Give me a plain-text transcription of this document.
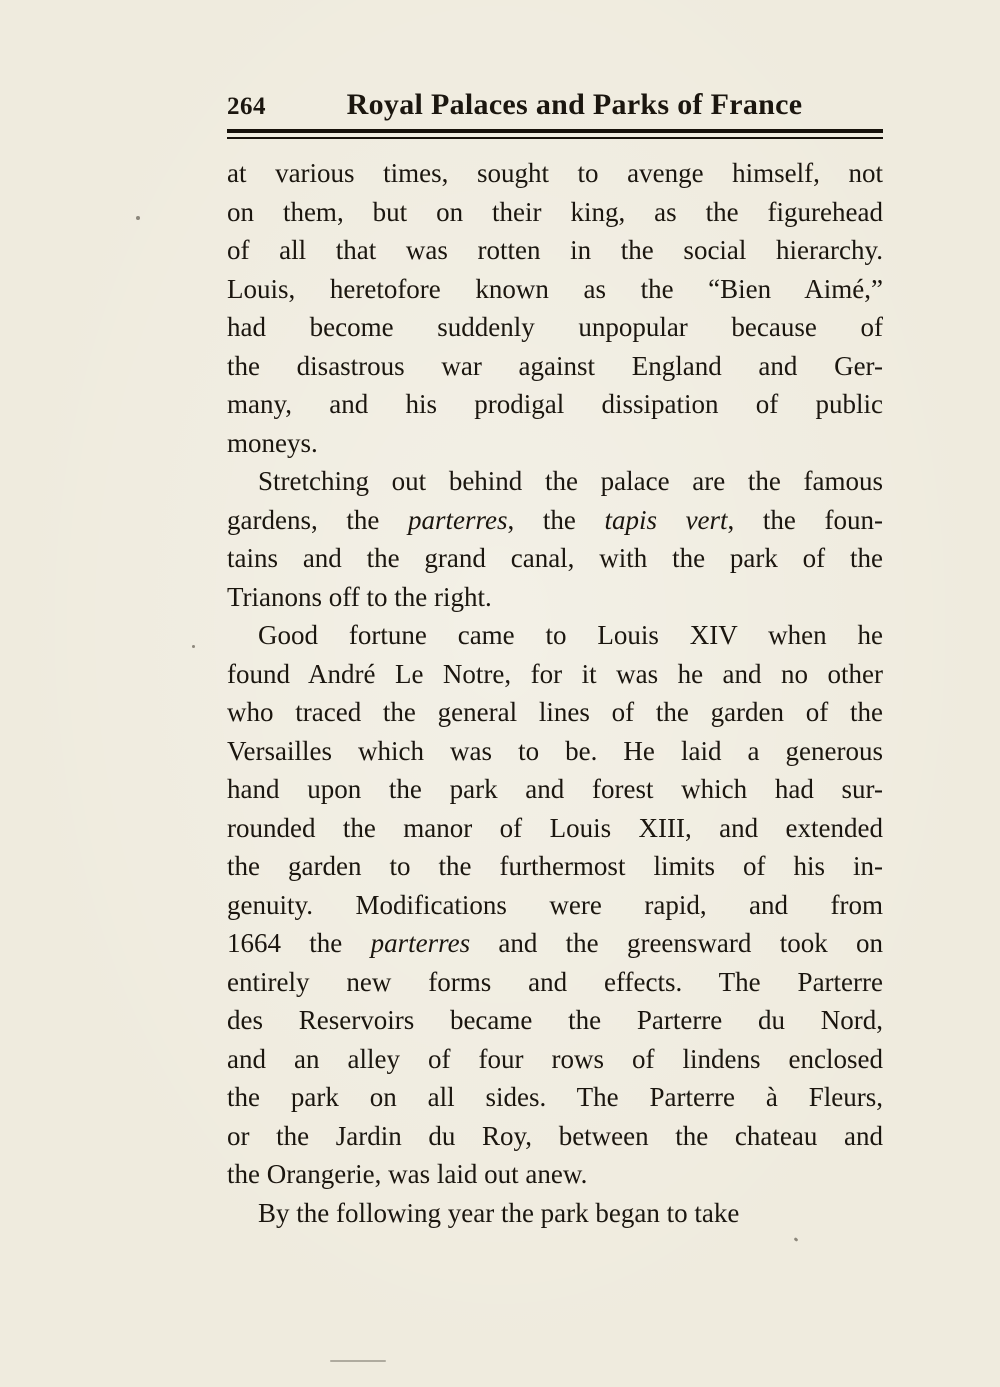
264	Royal Palaces and Parks of France
at various times, sought to avenge himself, not
on them, but on their king, as the figurehead
of all that was rotten in the social hierarchy.
Louis, heretofore known as the “Bien Aimé,”
had become suddenly unpopular because of
the disastrous war against England and Ger-
many, and his prodigal dissipation of public
moneys.
Stretching out behind the palace are the famous
gardens, the parterres, the tapis vert, the foun-
tains and the grand canal, with the park of the
Trianons off to the right.
Good fortune came to Louis XIV when he
found André Le Notre, for it was he and no other
who traced the general lines of the garden of the
Versailles which was to be. He laid a generous
hand upon the park and forest which had sur-
rounded the manor of Louis XIII, and extended
the garden to the furthermost limits of his in-
genuity. Modifications were rapid, and from
1664 the parterres and the greensward took on
entirely new forms and effects. The Parterre
des Reservoirs became the Parterre du Nord,
and an alley of four rows of lindens enclosed
the park on all sides. The Parterre à Fleurs,
or the Jardin du Roy, between the chateau and
the Orangerie, was laid out anew.
By the following year the park began to take
